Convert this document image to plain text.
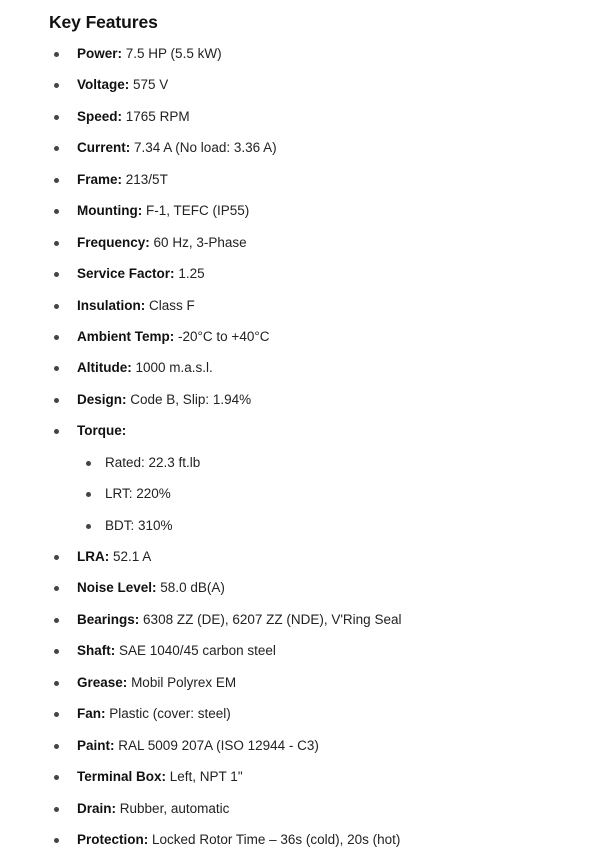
Key Features
Power: 7.5 HP (5.5 kW)
Voltage: 575 V
Speed: 1765 RPM
Current: 7.34 A (No load: 3.36 A)
Frame: 213/5T
Mounting: F-1, TEFC (IP55)
Frequency: 60 Hz, 3-Phase
Service Factor: 1.25
Insulation: Class F
Ambient Temp: -20°C to +40°C
Altitude: 1000 m.a.s.l.
Design: Code B, Slip: 1.94%
Torque:
Rated: 22.3 ft.lb
LRT: 220%
BDT: 310%
LRA: 52.1 A
Noise Level: 58.0 dB(A)
Bearings: 6308 ZZ (DE), 6207 ZZ (NDE), V'Ring Seal
Shaft: SAE 1040/45 carbon steel
Grease: Mobil Polyrex EM
Fan: Plastic (cover: steel)
Paint: RAL 5009 207A (ISO 12944 - C3)
Terminal Box: Left, NPT 1"
Drain: Rubber, automatic
Protection: Locked Rotor Time – 36s (cold), 20s (hot)
